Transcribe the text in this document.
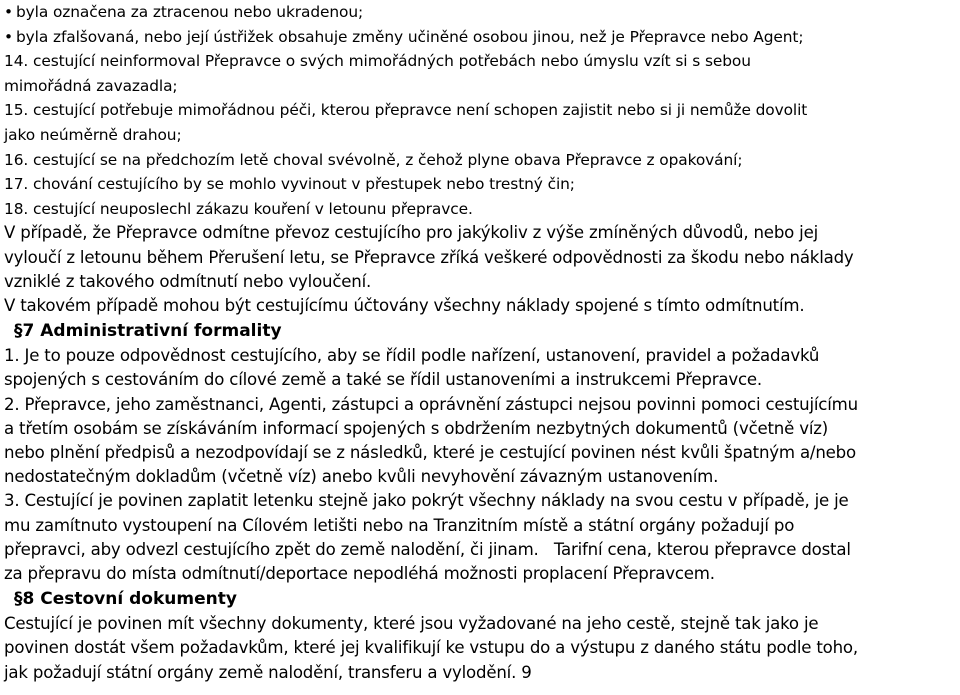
• byla označena za ztracenou nebo ukradenou;
• byla zfalšovaná, nebo její ústřižek obsahuje změny učiněné osobou jinou, než je Přepravce nebo Agent;
14. cestující neinformoval Přepravce o svých mimořádných potřebách nebo úmyslu vzít si s sebou
mimořádná zavazadla;
15. cestující potřebuje mimořádnou péči, kterou přepravce není schopen zajistit nebo si ji nemůže dovolit
jako neúměrně drahou;
16. cestující se na předchozím letě choval svévolně, z čehož plyne obava Přepravce z opakování;
17. chování cestujícího by se mohlo vyvinout v přestupek nebo trestný čin;
18. cestující neuposlechl zákazu kouření v letounu přepravce.
V případě, že Přepravce odmítne převoz cestujícího pro jakýkoliv z výše zmíněných důvodů, nebo jej
vyloučí z letounu během Přerušení letu, se Přepravce zříká veškeré odpovědnosti za škodu nebo náklady
vzniklé z takového odmítnutí nebo vyloučení.
V takovém případě mohou být cestujícímu účtovány všechny náklady spojené s tímto odmítnutím.
§7 Administrativní formality
1. Je to pouze odpovědnost cestujícího, aby se řídil podle nařízení, ustanovení, pravidel a požadavků
spojených s cestováním do cílové země a také se řídil ustanoveními a instrukcemi Přepravce.
2. Přepravce, jeho zaměstnanci, Agenti, zástupci a oprávnění zástupci nejsou povinni pomoci cestujícímu
a třetím osobám se získáváním informací spojených s obdržením nezbytných dokumentů (včetně víz)
nebo plnění předpisů a nezodpovídají se z následků, které je cestující povinen nést kvůli špatným a/nebo
nedostatečným dokladům (včetně víz) anebo kvůli nevyhovění závazným ustanovením.
3. Cestující je povinen zaplatit letenku stejně jako pokrýt všechny náklady na svou cestu v případě, je je
mu zamítnuto vystoupení na Cílovém letišti nebo na Tranzitním místě a státní orgány požadují po
přepravci, aby odvezl cestujícího zpět do země nalodění, či jinam.   Tarifní cena, kterou přepravce dostal
za přepravu do místa odmítnutí/deportace nepodléhá možnosti proplacení Přepravcem.
§8 Cestovní dokumenty
Cestující je povinen mít všechny dokumenty, které jsou vyžadované na jeho cestě, stejně tak jako je
povinen dostát všem požadavkům, které jej kvalifikují ke vstupu do a výstupu z daného státu podle toho,
jak požadují státní orgány země nalodění, transferu a vylodění. 9
